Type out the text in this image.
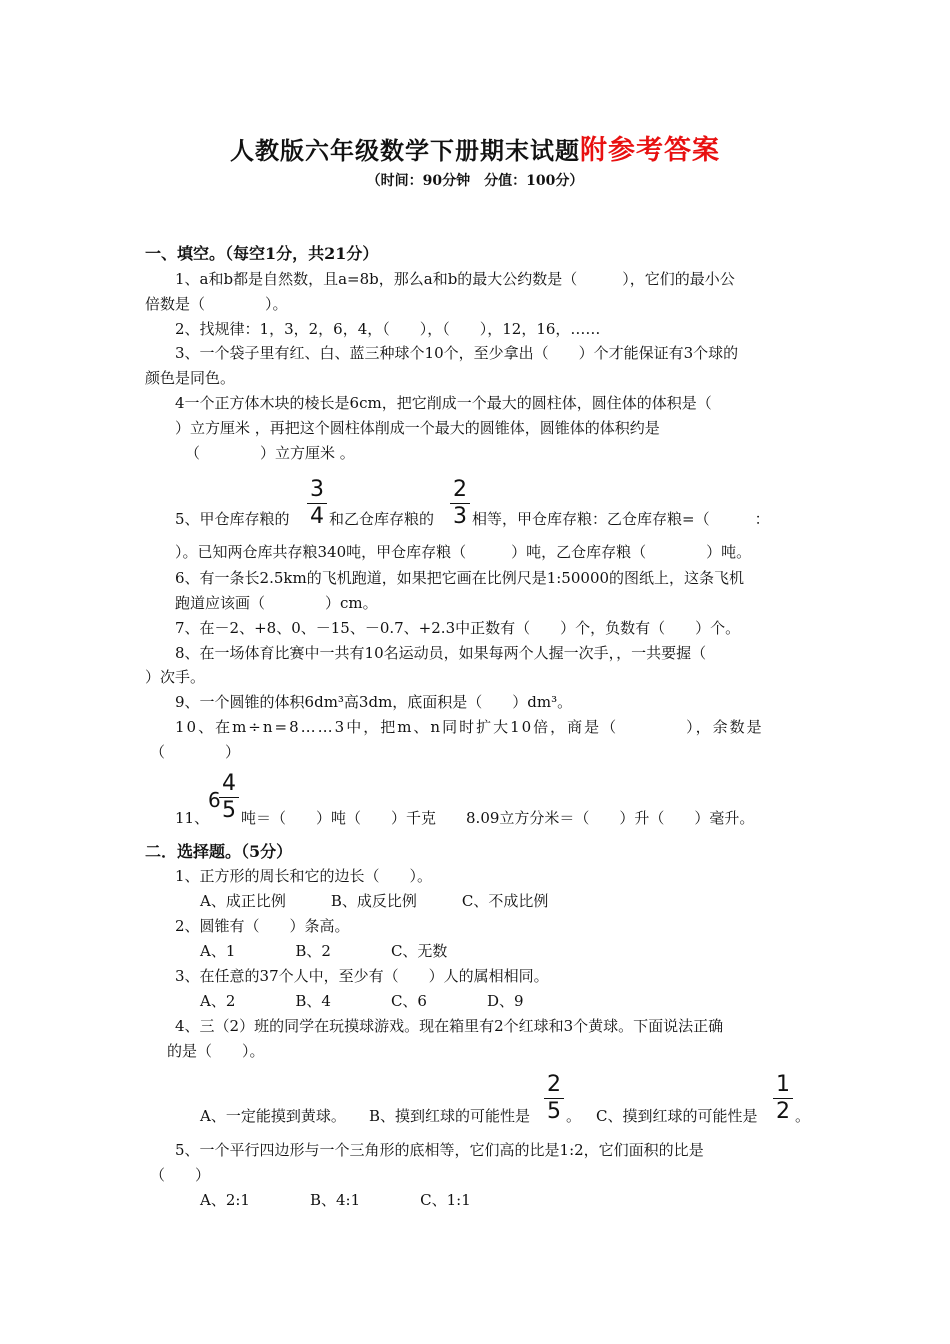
人教版六年级数学下册期末试题附参考答案
（时间：90分钟　分值：100分）
一、填空。（每空1分，共21分）
1、a和b都是自然数，且a=8b，那么a和b的最大公约数是（　　　），它们的最小公
倍数是（　　　　）。
2、找规律：1，3，2，6，4，（　　），（　　），12，16，……
3、一个袋子里有红、白、蓝三种球个10个，至少拿出（　　）个才能保证有3个球的
颜色是同色。
4一个正方体木块的棱长是6cm，把它削成一个最大的圆柱体，圆住体的体积是（
）立方厘米 ，再把这个圆柱体削成一个最大的圆锥体，圆锥体的体积约是
（　　　　）立方厘米 。
3
4
2
3
5、甲仓库存粮的	和乙仓库存粮的	相等，甲仓库存粮：乙仓库存粮=（　　　：
）。已知两仓库共存粮340吨，甲仓库存粮（　　　）吨，乙仓库存粮（　　　　）吨。
6、有一条长2.5km的飞机跑道，如果把它画在比例尺是1:50000的图纸上，这条飞机
跑道应该画（　　　　）cm。
7、在－2、+8、0、－15、－0.7、+2.3中正数有（　　）个，负数有（　　）个。
8、在一场体育比赛中一共有10名运动员，如果每两个人握一次手，，一共要握（
）次手。
9、一个圆锥的体积6dm³高3dm，底面积是（　　）dm³。
10、在m÷n=8……3中，把m、n同时扩大10倍，商是（　　　　），余数是
（　　　　）
6
4
5
11、 吨＝（　　）吨（　　）千克　　8.09立方分米＝（　　）升（　　）毫升。
二．选择题。（5分）
1、正方形的周长和它的边长（　　）。
A、成正比例　　　B、成反比例　　　C、不成比例
2、圆锥有（　　）条高。
A、1　　　　B、2　　　　C、无数
3、在任意的37个人中，至少有（　　）人的属相相同。
A、2　　　　B、4　　　　C、6　　　　D、9
4、三（2）班的同学在玩摸球游戏。现在箱里有2个红球和3个黄球。下面说法正确
的是（　　）。
2
5
1
2
A、一定能摸到黄球。 B、摸到红球的可能性是 。 C、摸到红球的可能性是	。
5、一个平行四边形与一个三角形的底相等，它们高的比是1:2，它们面积的比是
（　　）
A、2:1　　　　B、4:1　　　　C、1:1
